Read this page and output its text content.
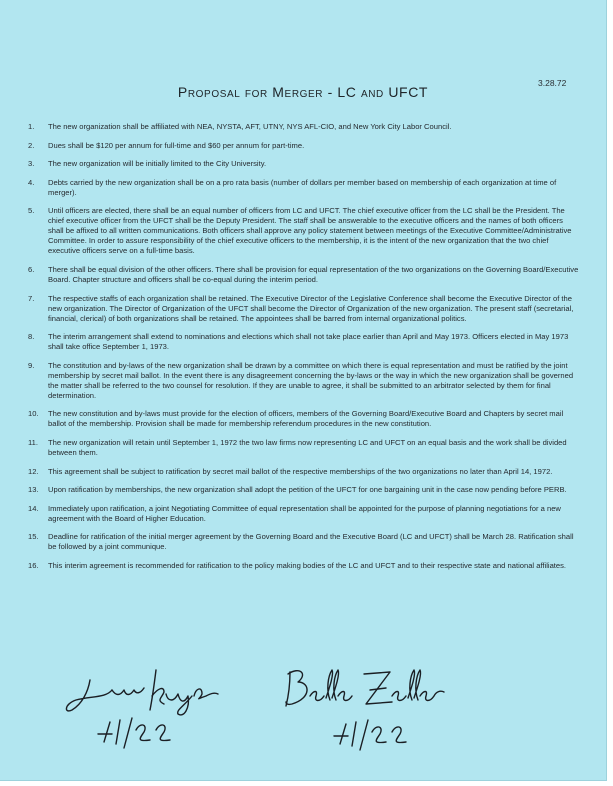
3.28.72
Proposal for Merger - LC and UFCT
1.	The new organization shall be affiliated with NEA, NYSTA, AFT, UTNY, NYS AFL-CIO, and New York City Labor Council.
2.	Dues shall be $120 per annum for full-time and $60 per annum for part-time.
3.	The new organization will be initially limited to the City University.
4.	Debts carried by the new organization shall be on a pro rata basis (number of dollars per member based on membership of each organization at time of merger).
5.	Until officers are elected, there shall be an equal number of officers from LC and UFCT. The chief executive officer from the LC shall be the President. The chief executive officer from the UFCT shall be the Deputy President. The staff shall be answerable to the executive officers and the names of both officers shall be affixed to all written communications. Both officers shall approve any policy statement between meetings of the Executive Committee/Administrative Committee. In order to assure responsibility of the chief executive officers to the membership, it is the intent of the new organization that the two chief executive officers serve on a full-time basis.
6.	There shall be equal division of the other officers. There shall be provision for equal representation of the two organizations on the Governing Board/Executive Board. Chapter structure and officers shall be co-equal during the interim period.
7.	The respective staffs of each organization shall be retained. The Executive Director of the Legislative Conference shall become the Executive Director of the new organization. The Director of Organization of the UFCT shall become the Director of Organization of the new organization. The present staff (secretarial, financial, clerical) of both organizations shall be retained. The appointees shall be barred from internal organizational politics.
8.	The interim arrangement shall extend to nominations and elections which shall not take place earlier than April and May 1973. Officers elected in May 1973 shall take office September 1, 1973.
9.	The constitution and by-laws of the new organization shall be drawn by a committee on which there is equal representation and must be ratified by the joint membership by secret mail ballot. In the event there is any disagreement concerning the by-laws or the way in which the new organization shall be governed the matter shall be referred to the two counsel for resolution. If they are unable to agree, it shall be submitted to an arbitrator selected by them for final determination.
10.	The new constitution and by-laws must provide for the election of officers, members of the Governing Board/Executive Board and Chapters by secret mail ballot of the membership. Provision shall be made for membership referendum procedures in the new constitution.
11.	The new organization will retain until September 1, 1972 the two law firms now representing LC and UFCT on an equal basis and the work shall be divided between them.
12.	This agreement shall be subject to ratification by secret mail ballot of the respective memberships of the two organizations no later than April 14, 1972.
13.	Upon ratification by memberships, the new organization shall adopt the petition of the UFCT for one bargaining unit in the case now pending before PERB.
14.	Immediately upon ratification, a joint Negotiating Committee of equal representation shall be appointed for the purpose of planning negotiations for a new agreement with the Board of Higher Education.
15.	Deadline for ratification of the initial merger agreement by the Governing Board and the Executive Board (LC and UFCT) shall be March 28. Ratification shall be followed by a joint communique.
16.	This interim agreement is recommended for ratification to the policy making bodies of the LC and UFCT and to their respective state and national affiliates.
